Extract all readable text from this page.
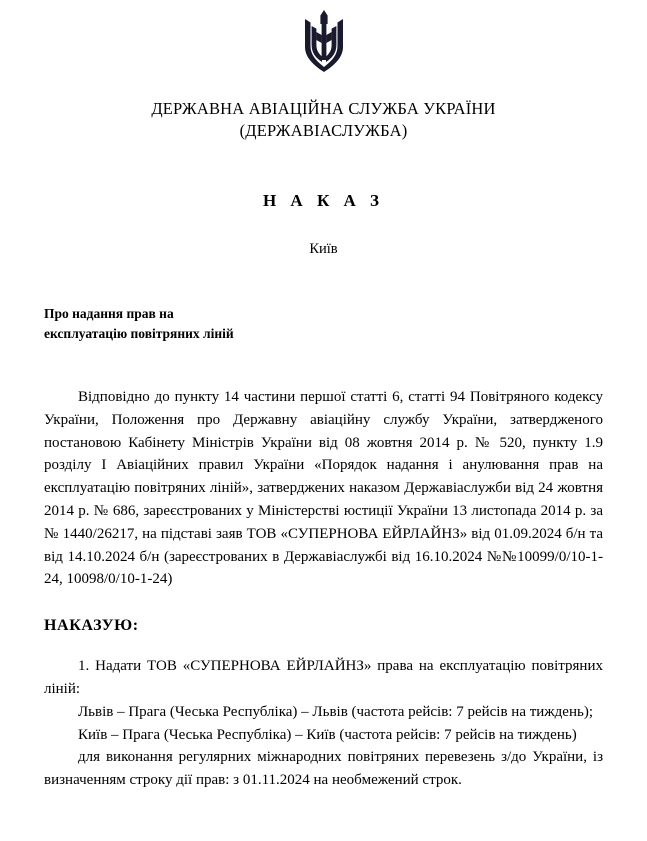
ДЕРЖАВНА АВІАЦІЙНА СЛУЖБА УКРАЇНИ
(ДЕРЖАВІАСЛУЖБА)
Н А К А З
Київ
Про надання прав на
експлуатацію повітряних ліній

Відповідно до пункту 14 частини першої статті 6, статті 94 Повітряного кодексу України, Положення про Державну авіаційну службу України, затвердженого постановою Кабінету Міністрів України від 08 жовтня 2014 р. № 520, пункту 1.9 розділу І Авіаційних правил України «Порядок надання і анулювання прав на експлуатацію повітряних ліній», затверджених наказом Державіаслужби від 24 жовтня 2014 р. № 686, зареєстрованих у Міністерстві юстиції України 13 листопада 2014 р. за № 1440/26217, на підставі заяв ТОВ «СУПЕРНОВА ЕЙРЛАЙНЗ» від 01.09.2024 б/н та від 14.10.2024 б/н (зареєстрованих в Державіаслужбі від 16.10.2024 №№10099/0/10-1-24, 10098/0/10-1-24)

НАКАЗУЮ:

1. Надати ТОВ «СУПЕРНОВА ЕЙРЛАЙНЗ» права на експлуатацію повітряних ліній:

Львів – Прага (Чеська Республіка) – Львів (частота рейсів: 7 рейсів на тиждень);

Київ – Прага (Чеська Республіка) – Київ (частота рейсів: 7 рейсів на тиждень)

для виконання регулярних міжнародних повітряних перевезень з/до України, із визначенням строку дії прав: з 01.11.2024 на необмежений строк.
